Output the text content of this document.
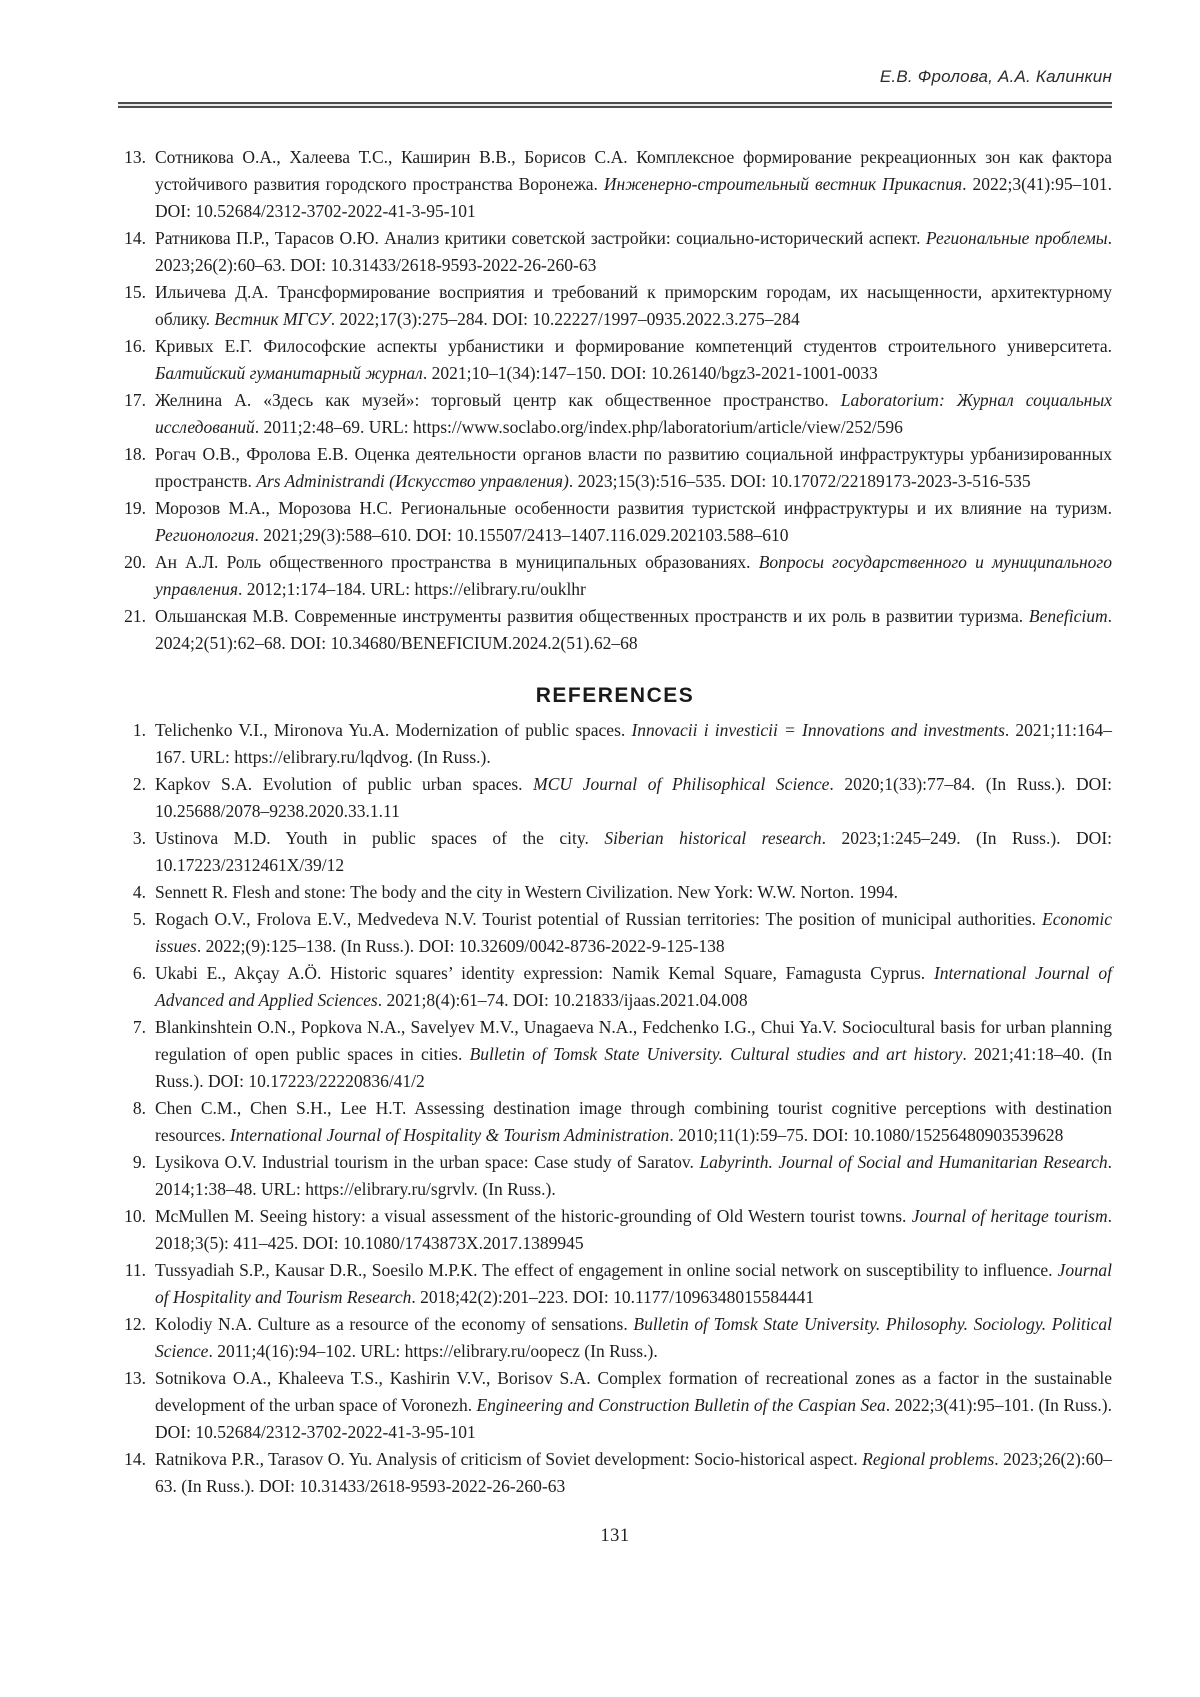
Е.В. Фролова, А.А. Калинкин
13. Сотникова О.А., Халеева Т.С., Каширин В.В., Борисов С.А. Комплексное формирование рекреационных зон как фактора устойчивого развития городского пространства Воронежа. Инженерно-строительный вестник Прикаспия. 2022;3(41):95–101. DOI: 10.52684/2312-3702-2022-41-3-95-101
14. Ратникова П.Р., Тарасов О.Ю. Анализ критики советской застройки: социально-исторический аспект. Региональные проблемы. 2023;26(2):60–63. DOI: 10.31433/2618-9593-2022-26-260-63
15. Ильичева Д.А. Трансформирование восприятия и требований к приморским городам, их насыщенности, архитектурному облику. Вестник МГСУ. 2022;17(3):275–284. DOI: 10.22227/1997–0935.2022.3.275–284
16. Кривых Е.Г. Философские аспекты урбанистики и формирование компетенций студентов строительного университета. Балтийский гуманитарный журнал. 2021;10–1(34):147–150. DOI: 10.26140/bgz3-2021-1001-0033
17. Желнина А. «Здесь как музей»: торговый центр как общественное пространство. Laboratorium: Журнал социальных исследований. 2011;2:48–69. URL: https://www.soclabo.org/index.php/laboratorium/article/view/252/596
18. Рогач О.В., Фролова Е.В. Оценка деятельности органов власти по развитию социальной инфраструктуры урбанизированных пространств. Ars Administrandi (Искусство управления). 2023;15(3):516–535. DOI: 10.17072/22189173-2023-3-516-535
19. Морозов М.А., Морозова Н.С. Региональные особенности развития туристской инфраструктуры и их влияние на туризм. Регионология. 2021;29(3):588–610. DOI: 10.15507/2413–1407.116.029.202103.588–610
20. Ан А.Л. Роль общественного пространства в муниципальных образованиях. Вопросы государственного и муниципального управления. 2012;1:174–184. URL: https://elibrary.ru/ouklhr
21. Ольшанская М.В. Современные инструменты развития общественных пространств и их роль в развитии туризма. Beneficium. 2024;2(51):62–68. DOI: 10.34680/BENEFICIUM.2024.2(51).62–68
REFERENCES
1. Telichenko V.I., Mironova Yu.A. Modernization of public spaces. Innovacii i investicii = Innovations and investments. 2021;11:164–167. URL: https://elibrary.ru/lqdvog. (In Russ.).
2. Kapkov S.A. Evolution of public urban spaces. MCU Journal of Philisophical Science. 2020;1(33):77–84. (In Russ.). DOI: 10.25688/2078–9238.2020.33.1.11
3. Ustinova M.D. Youth in public spaces of the city. Siberian historical research. 2023;1:245–249. (In Russ.). DOI: 10.17223/2312461X/39/12
4. Sennett R. Flesh and stone: The body and the city in Western Civilization. New York: W.W. Norton. 1994.
5. Rogach O.V., Frolova E.V., Medvedeva N.V. Tourist potential of Russian territories: The position of municipal authorities. Economic issues. 2022;(9):125–138. (In Russ.). DOI: 10.32609/0042-8736-2022-9-125-138
6. Ukabi E., Akçay A.Ö. Historic squares’ identity expression: Namik Kemal Square, Famagusta Cyprus. International Journal of Advanced and Applied Sciences. 2021;8(4):61–74. DOI: 10.21833/ijaas.2021.04.008
7. Blankinshtein O.N., Popkova N.A., Savelyev M.V., Unagaeva N.A., Fedchenko I.G., Chui Ya.V. Sociocultural basis for urban planning regulation of open public spaces in cities. Bulletin of Tomsk State University. Cultural studies and art history. 2021;41:18–40. (In Russ.). DOI: 10.17223/22220836/41/2
8. Chen C.M., Chen S.H., Lee H.T. Assessing destination image through combining tourist cognitive perceptions with destination resources. International Journal of Hospitality & Tourism Administration. 2010;11(1):59–75. DOI: 10.1080/15256480903539628
9. Lysikova O.V. Industrial tourism in the urban space: Case study of Saratov. Labyrinth. Journal of Social and Humanitarian Research. 2014;1:38–48. URL: https://elibrary.ru/sgrvlv. (In Russ.).
10. McMullen M. Seeing history: a visual assessment of the historic-grounding of Old Western tourist towns. Journal of heritage tourism. 2018;3(5): 411–425. DOI: 10.1080/1743873X.2017.1389945
11. Tussyadiah S.P., Kausar D.R., Soesilo M.P.K. The effect of engagement in online social network on susceptibility to influence. Journal of Hospitality and Tourism Research. 2018;42(2):201–223. DOI: 10.1177/1096348015584441
12. Kolodiy N.A. Culture as a resource of the economy of sensations. Bulletin of Tomsk State University. Philosophy. Sociology. Political Science. 2011;4(16):94–102. URL: https://elibrary.ru/oopecz (In Russ.).
13. Sotnikova O.A., Khaleeva T.S., Kashirin V.V., Borisov S.A. Complex formation of recreational zones as a factor in the sustainable development of the urban space of Voronezh. Engineering and Construction Bulletin of the Caspian Sea. 2022;3(41):95–101. (In Russ.). DOI: 10.52684/2312-3702-2022-41-3-95-101
14. Ratnikova P.R., Tarasov O. Yu. Analysis of criticism of Soviet development: Socio-historical aspect. Regional problems. 2023;26(2):60–63. (In Russ.). DOI: 10.31433/2618-9593-2022-26-260-63
131
